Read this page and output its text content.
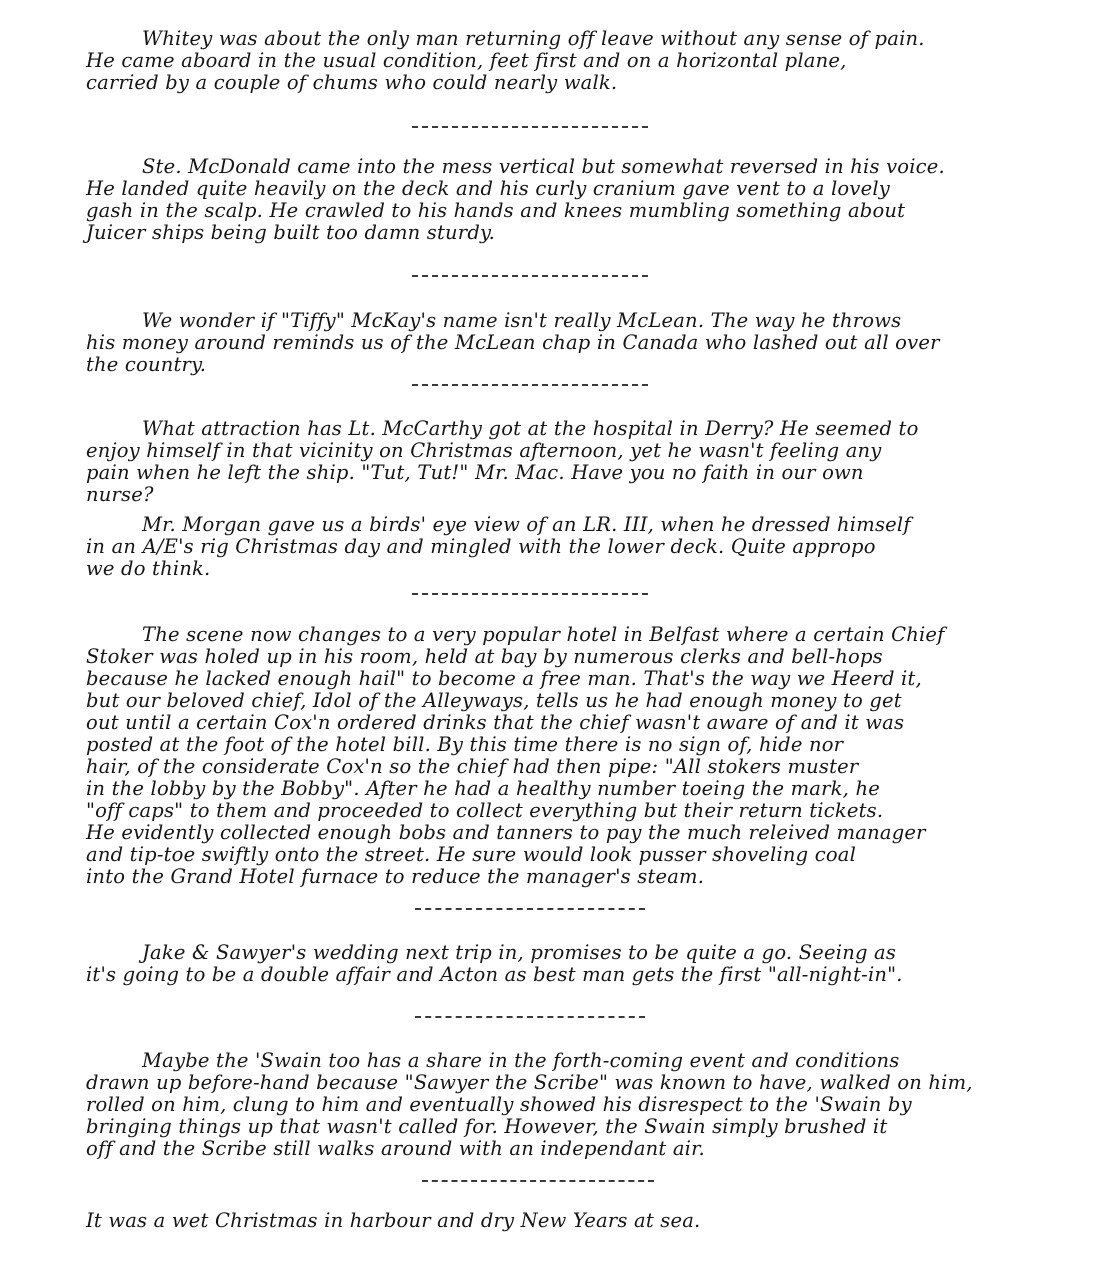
Whitey was about the only man returning off leave without any sense of pain.
He came aboard in the usual condition, feet first and on a horizontal plane,
carried by a couple of chums who could nearly walk.
Ste. McDonald came into the mess vertical but somewhat reversed in his voice.
He landed quite heavily on the deck and his curly cranium gave vent to a lovely
gash in the scalp. He crawled to his hands and knees mumbling something about
Juicer ships being built too damn sturdy.
We wonder if "Tiffy" McKay's name isn't really McLean. The way he throws
his money around reminds us of the McLean chap in Canada who lashed out all over
the country.
What attraction has Lt. McCarthy got at the hospital in Derry? He seemed to
enjoy himself in that vicinity on Christmas afternoon, yet he wasn't feeling any
pain when he left the ship. "Tut, Tut!" Mr. Mac. Have you no faith in our own
nurse?
Mr. Morgan gave us a birds' eye view of an LR. III, when he dressed himself
in an A/E's rig Christmas day and mingled with the lower deck. Quite appropo
we do think.
The scene now changes to a very popular hotel in Belfast where a certain Chief
Stoker was holed up in his room, held at bay by numerous clerks and bell-hops
because he lacked enough hail" to become a free man. That's the way we Heerd it,
but our beloved chief, Idol of the Alleyways, tells us he had enough money to get
out until a certain Cox'n ordered drinks that the chief wasn't aware of and it was
posted at the foot of the hotel bill. By this time there is no sign of, hide nor
hair, of the considerate Cox'n so the chief had then pipe: "All stokers muster
in the lobby by the Bobby". After he had a healthy number toeing the mark, he
"off caps" to them and proceeded to collect everything but their return tickets.
He evidently collected enough bobs and tanners to pay the much releived manager
and tip-toe swiftly onto the street. He sure would look pusser shoveling coal
into the Grand Hotel furnace to reduce the manager's steam.
Jake & Sawyer's wedding next trip in, promises to be quite a go. Seeing as
it's going to be a double affair and Acton as best man gets the first "all-night-in".
Maybe the 'Swain too has a share in the forth-coming event and conditions
drawn up before-hand because "Sawyer the Scribe" was known to have, walked on him,
rolled on him, clung to him and eventually showed his disrespect to the 'Swain by
bringing things up that wasn't called for. However, the Swain simply brushed it
off and the Scribe still walks around with an independant air.
It was a wet Christmas in harbour and dry New Years at sea.
